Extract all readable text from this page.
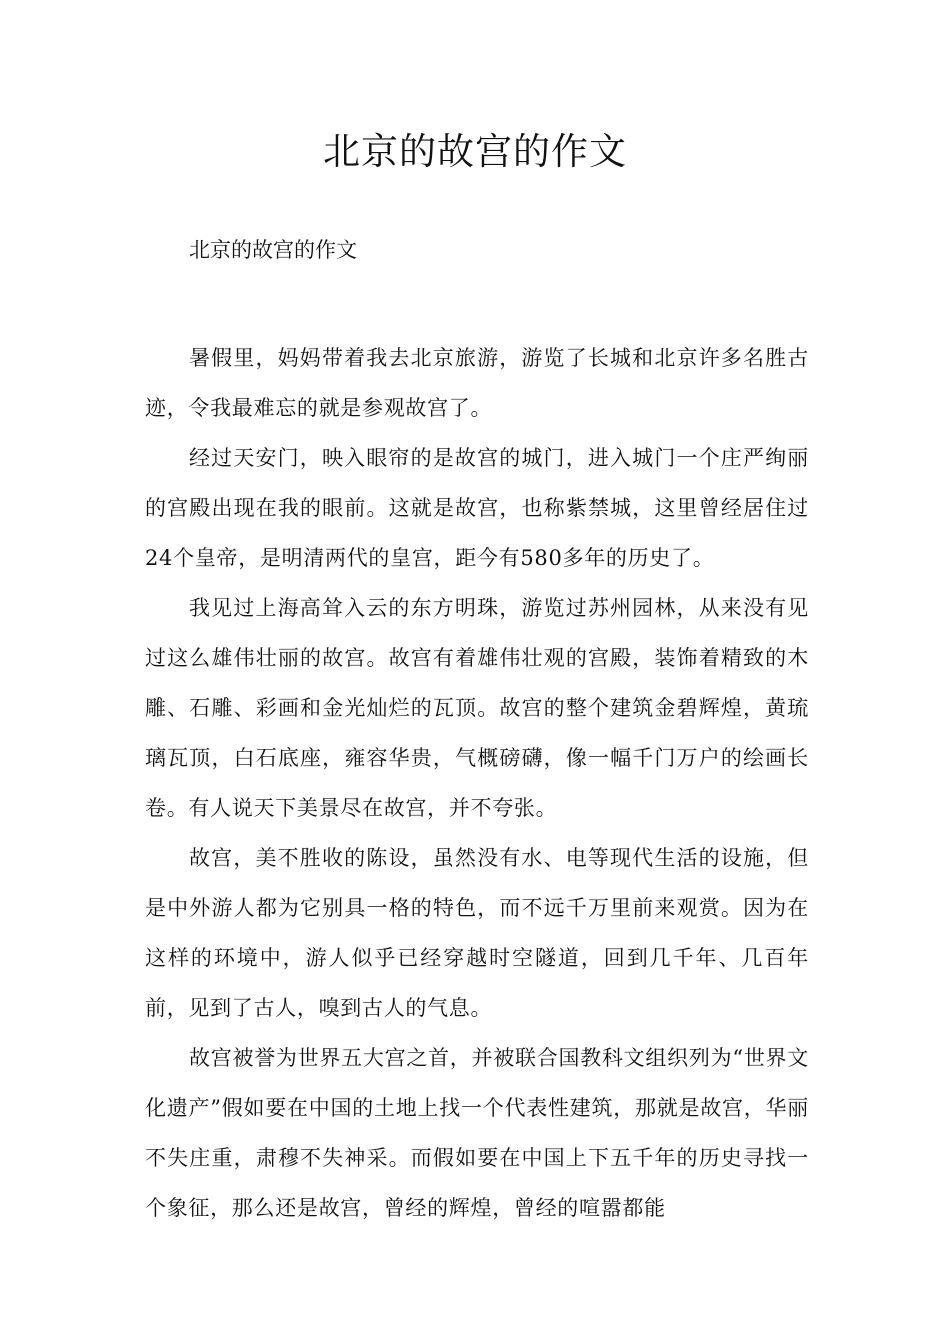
北京的故宫的作文

北京的故宫的作文

暑假里，妈妈带着我去北京旅游，游览了长城和北京许多名胜古迹，令我最难忘的就是参观故宫了。

经过天安门，映入眼帘的是故宫的城门，进入城门一个庄严绚丽的宫殿出现在我的眼前。这就是故宫，也称紫禁城，这里曾经居住过24个皇帝，是明清两代的皇宫，距今有580多年的历史了。

我见过上海高耸入云的东方明珠，游览过苏州园林，从来没有见过这么雄伟壮丽的故宫。故宫有着雄伟壮观的宫殿，装饰着精致的木雕、石雕、彩画和金光灿烂的瓦顶。故宫的整个建筑金碧辉煌，黄琉璃瓦顶，白石底座，雍容华贵，气概磅礴，像一幅千门万户的绘画长卷。有人说天下美景尽在故宫，并不夸张。

故宫，美不胜收的陈设，虽然没有水、电等现代生活的设施，但是中外游人都为它别具一格的特色，而不远千万里前来观赏。因为在这样的环境中，游人似乎已经穿越时空隧道，回到几千年、几百年前，见到了古人，嗅到古人的气息。

故宫被誉为世界五大宫之首，并被联合国教科文组织列为“世界文化遗产”假如要在中国的土地上找一个代表性建筑，那就是故宫，华丽不失庄重，肃穆不失神采。而假如要在中国上下五千年的历史寻找一个象征，那么还是故宫，曾经的辉煌，曾经的喧嚣都能
